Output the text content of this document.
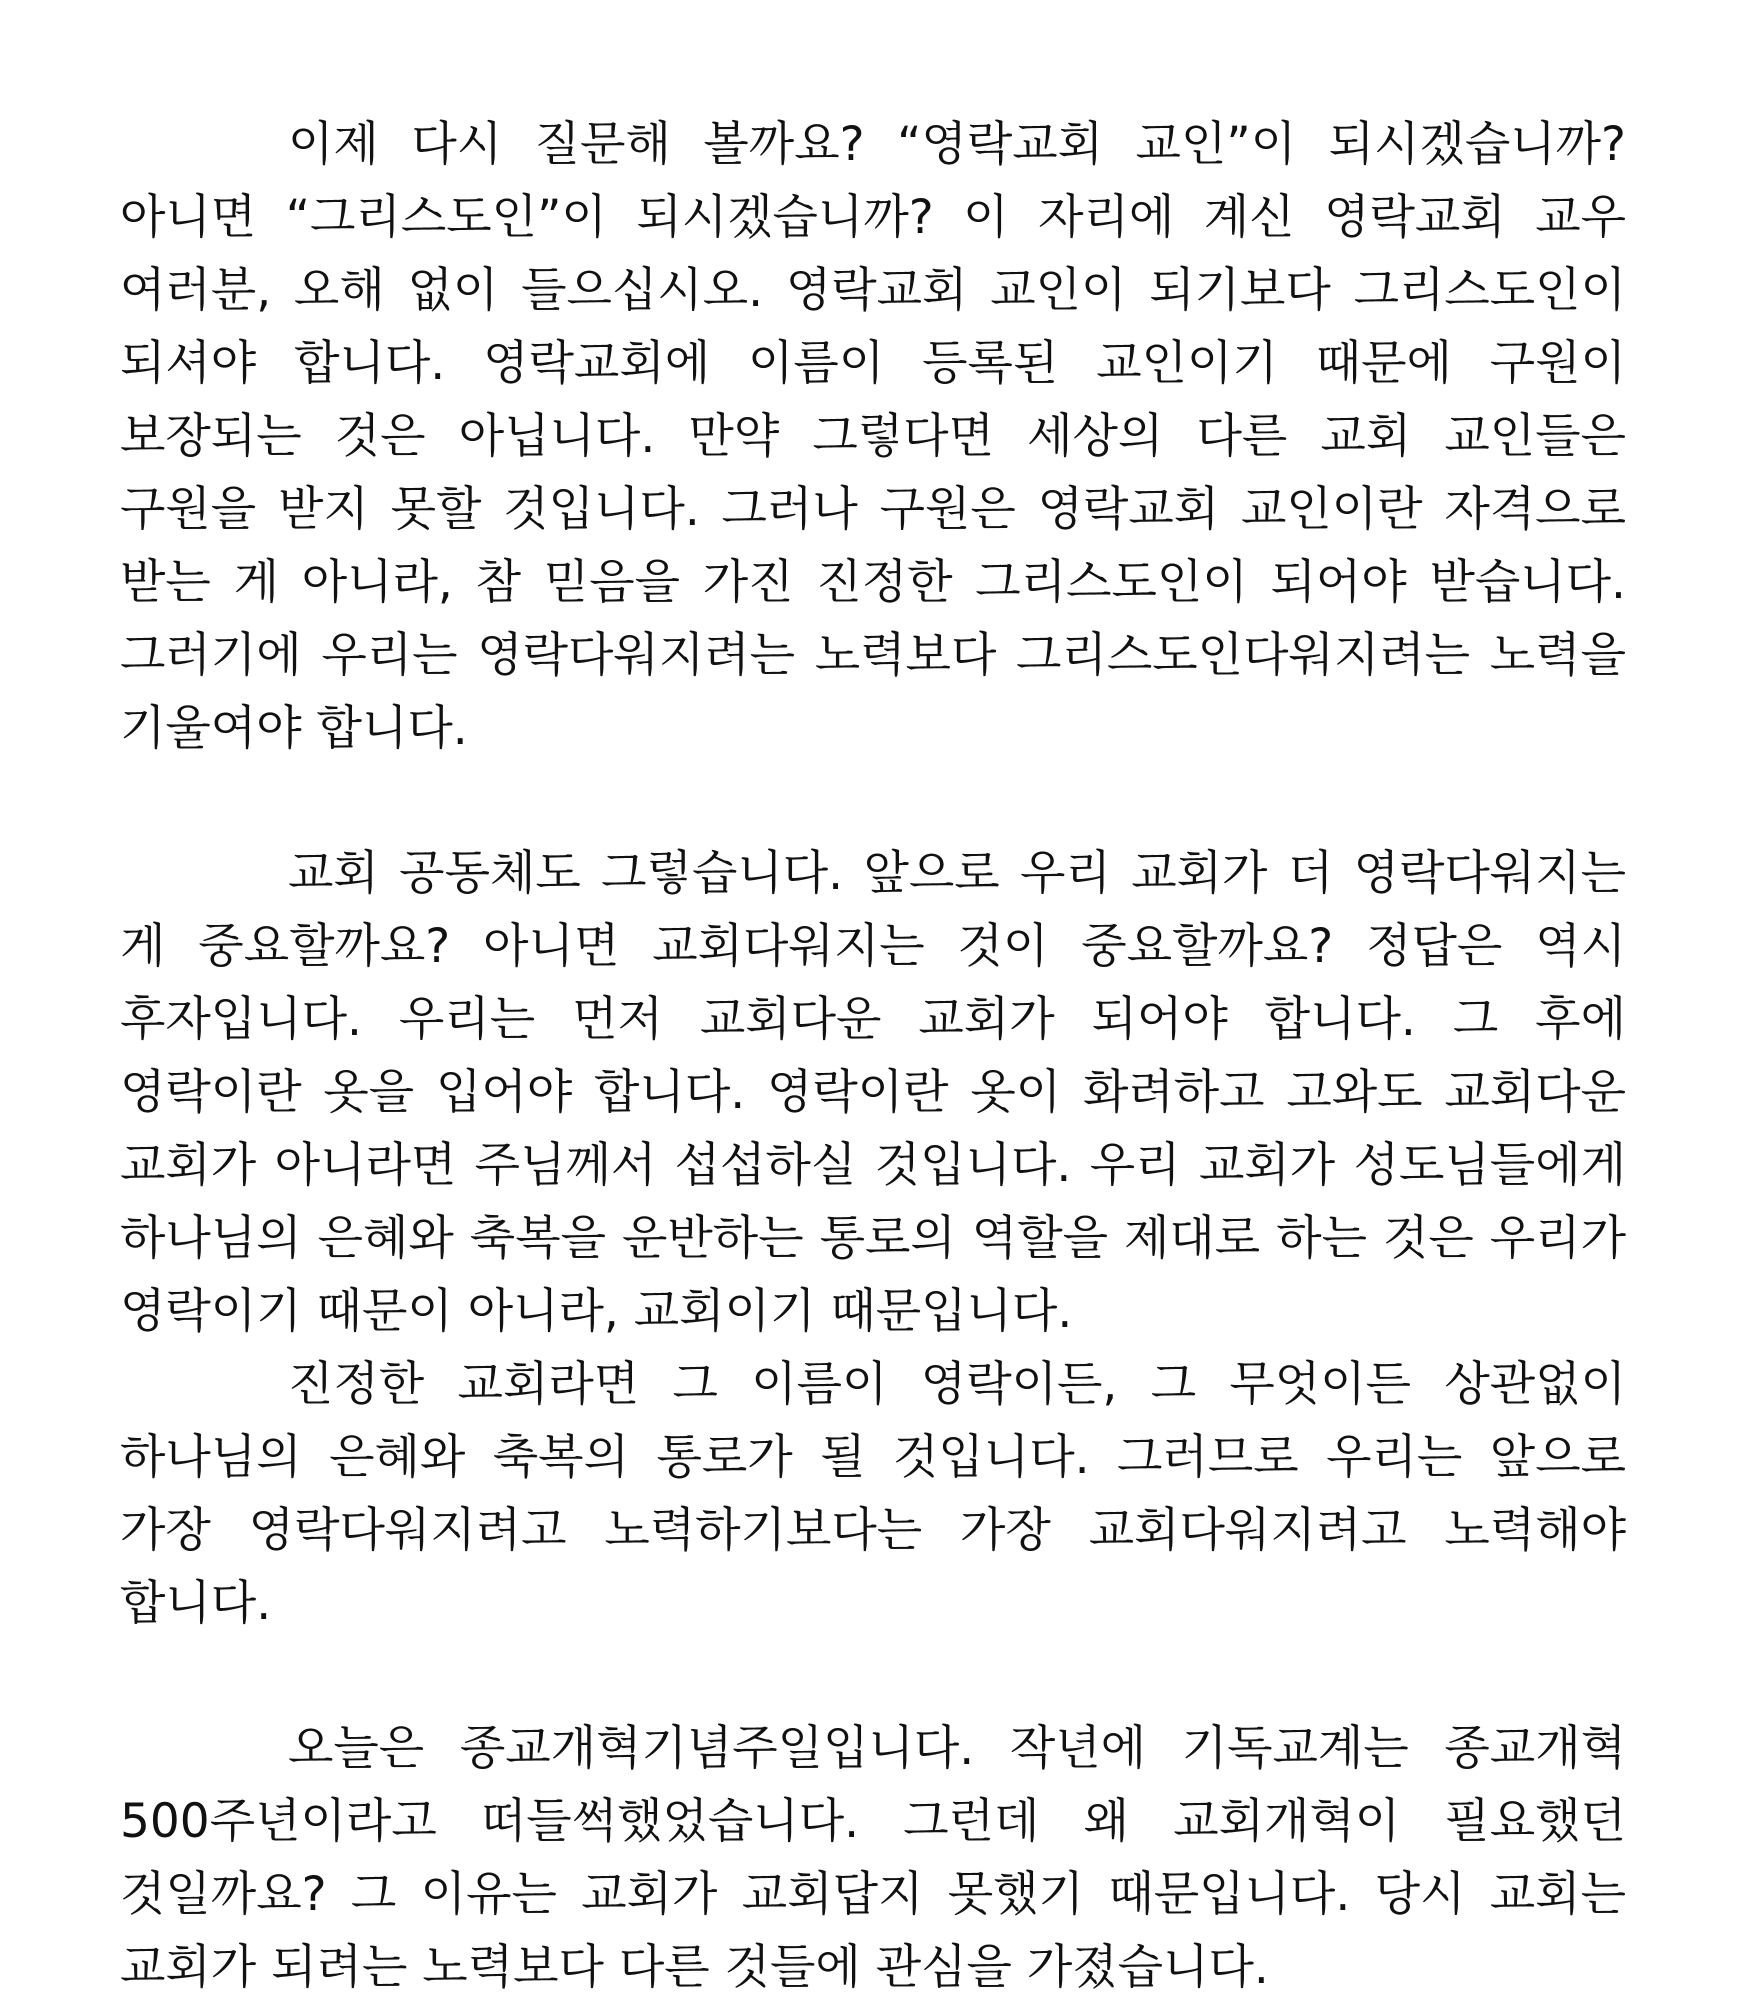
이제 다시 질문해 볼까요? “영락교회 교인”이 되시겠습니까? 아니면 “그리스도인”이 되시겠습니까? 이 자리에 계신 영락교회 교우 여러분, 오해 없이 들으십시오. 영락교회 교인이 되기보다 그리스도인이 되셔야 합니다. 영락교회에 이름이 등록된 교인이기 때문에 구원이 보장되는 것은 아닙니다. 만약 그렇다면 세상의 다른 교회 교인들은 구원을 받지 못할 것입니다. 그러나 구원은 영락교회 교인이란 자격으로 받는 게 아니라, 참 믿음을 가진 진정한 그리스도인이 되어야 받습니다. 그러기에 우리는 영락다워지려는 노력보다 그리스도인다워지려는 노력을 기울여야 합니다.

교회 공동체도 그렇습니다. 앞으로 우리 교회가 더 영락다워지는 게 중요할까요? 아니면 교회다워지는 것이 중요할까요? 정답은 역시 후자입니다. 우리는 먼저 교회다운 교회가 되어야 합니다. 그 후에 영락이란 옷을 입어야 합니다. 영락이란 옷이 화려하고 고와도 교회다운 교회가 아니라면 주님께서 섭섭하실 것입니다. 우리 교회가 성도님들에게 하나님의 은혜와 축복을 운반하는 통로의 역할을 제대로 하는 것은 우리가 영락이기 때문이 아니라, 교회이기 때문입니다.

진정한 교회라면 그 이름이 영락이든, 그 무엇이든 상관없이 하나님의 은혜와 축복의 통로가 될 것입니다. 그러므로 우리는 앞으로 가장 영락다워지려고 노력하기보다는 가장 교회다워지려고 노력해야 합니다.

오늘은 종교개혁기념주일입니다. 작년에 기독교계는 종교개혁 500주년이라고 떠들썩했었습니다. 그런데 왜 교회개혁이 필요했던 것일까요? 그 이유는 교회가 교회답지 못했기 때문입니다. 당시 교회는 교회가 되려는 노력보다 다른 것들에 관심을 가졌습니다.
